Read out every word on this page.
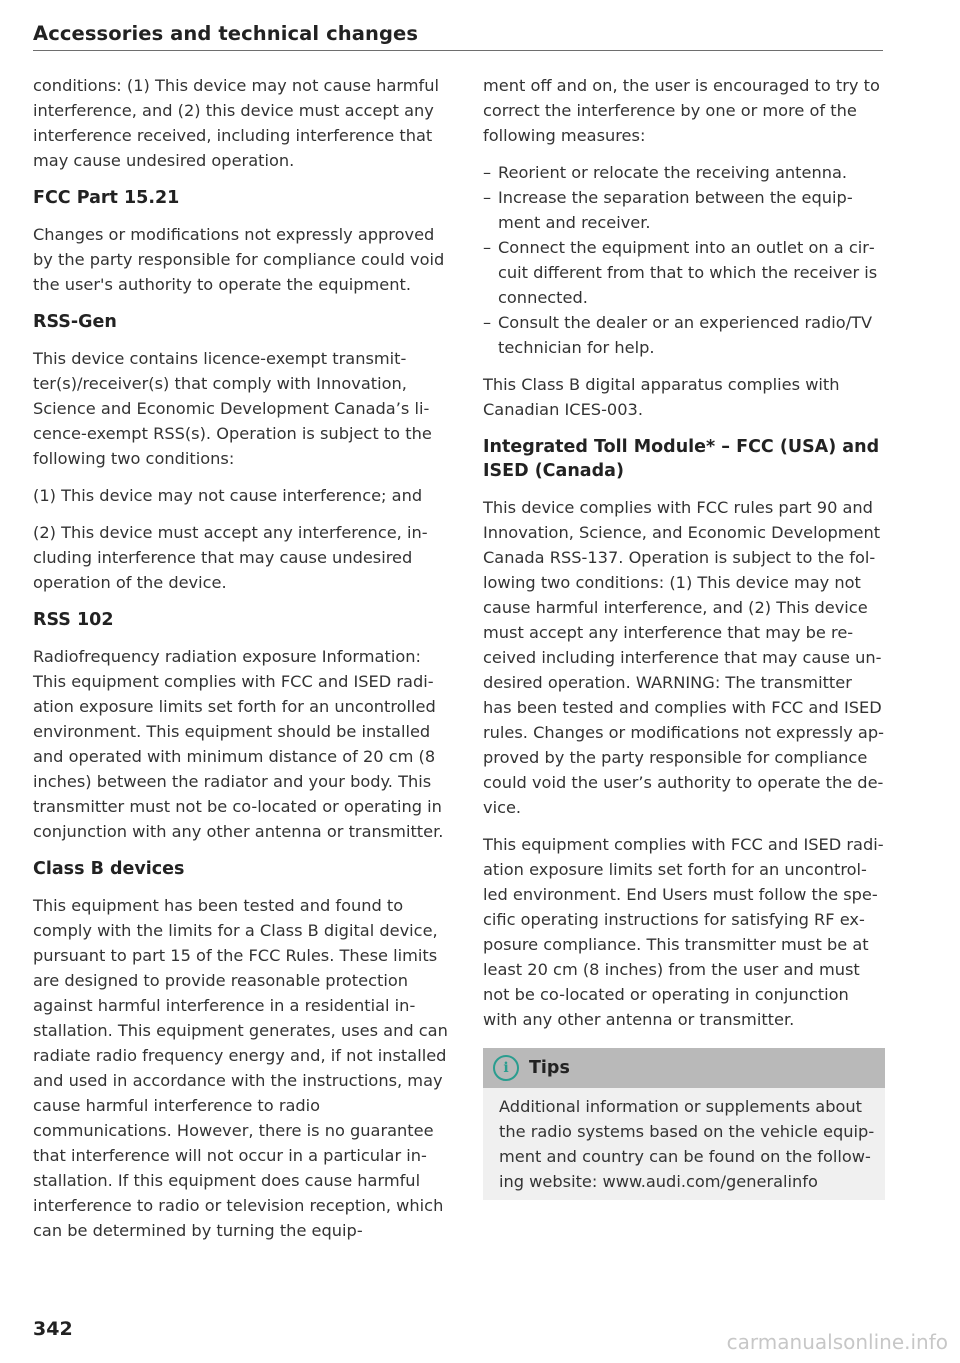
Accessories and technical changes

conditions: (1) This device may not cause harmful interference, and (2) this device must accept any interference received, including interference that may cause undesired operation.

FCC Part 15.21

Changes or modifications not expressly approved by the party responsible for compliance could void the user's authority to operate the equipment.

RSS-Gen

This device contains licence-exempt transmitter(s)/receiver(s) that comply with Innovation, Science and Economic Development Canada’s licence-exempt RSS(s). Operation is subject to the following two conditions:

(1) This device may not cause interference; and

(2) This device must accept any interference, including interference that may cause undesired operation of the device.

RSS 102

Radiofrequency radiation exposure Information: This equipment complies with FCC and ISED radiation exposure limits set forth for an uncontrolled environment. This equipment should be installed and operated with minimum distance of 20 cm (8 inches) between the radiator and your body. This transmitter must not be co-located or operating in conjunction with any other antenna or transmitter.

Class B devices

This equipment has been tested and found to comply with the limits for a Class B digital device, pursuant to part 15 of the FCC Rules. These limits are designed to provide reasonable protection against harmful interference in a residential installation. This equipment generates, uses and can radiate radio frequency energy and, if not installed and used in accordance with the instructions, may cause harmful interference to radio communications. However, there is no guarantee that interference will not occur in a particular installation. If this equipment does cause harmful interference to radio or television reception, which can be determined by turning the equip-

ment off and on, the user is encouraged to try to correct the interference by one or more of the following measures:

– Reorient or relocate the receiving antenna.
– Increase the separation between the equipment and receiver.
– Connect the equipment into an outlet on a circuit different from that to which the receiver is connected.
– Consult the dealer or an experienced radio/TV technician for help.

This Class B digital apparatus complies with Canadian ICES-003.

Integrated Toll Module* – FCC (USA) and ISED (Canada)

This device complies with FCC rules part 90 and Innovation, Science, and Economic Development Canada RSS-137. Operation is subject to the following two conditions: (1) This device may not cause harmful interference, and (2) This device must accept any interference that may be received including interference that may cause undesired operation. WARNING: The transmitter has been tested and complies with FCC and ISED rules. Changes or modifications not expressly approved by the party responsible for compliance could void the user’s authority to operate the device.

This equipment complies with FCC and ISED radiation exposure limits set forth for an uncontrolled environment. End Users must follow the specific operating instructions for satisfying RF exposure compliance. This transmitter must be at least 20 cm (8 inches) from the user and must not be co-located or operating in conjunction with any other antenna or transmitter.

i	Tips
Additional information or supplements about the radio systems based on the vehicle equipment and country can be found on the following website: www.audi.com/generalinfo
342
carmanualsonline.info
